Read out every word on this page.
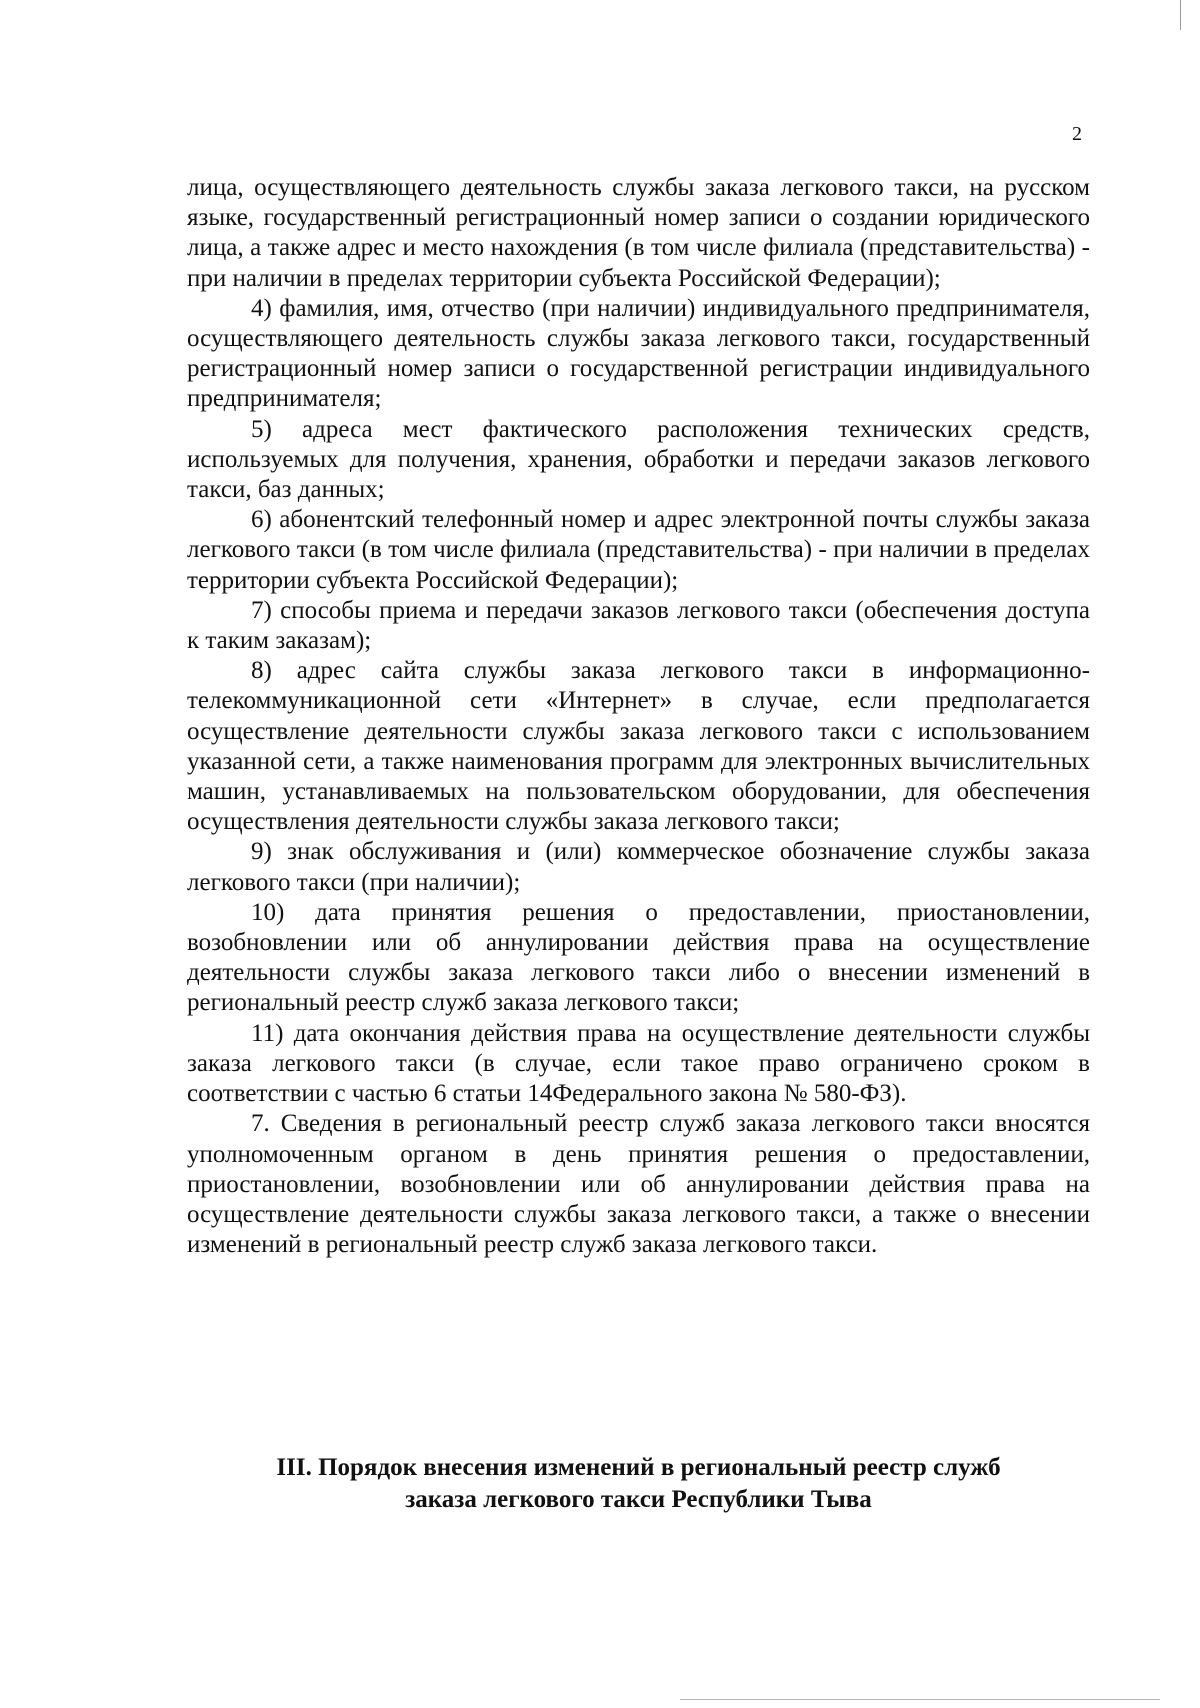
2

лица, осуществляющего деятельность службы заказа легкового такси, на русском языке, государственный регистрационный номер записи о создании юридического лица, а также адрес и место нахождения (в том числе филиала (представительства) - при наличии в пределах территории субъекта Российской Федерации);

4) фамилия, имя, отчество (при наличии) индивидуального предпринимателя, осуществляющего деятельность службы заказа легкового такси, государственный регистрационный номер записи о государственной регистрации индивидуального предпринимателя;

5) адреса мест фактического расположения технических средств, используемых для получения, хранения, обработки и передачи заказов легкового такси, баз данных;

6) абонентский телефонный номер и адрес электронной почты службы заказа легкового такси (в том числе филиала (представительства) - при наличии в пределах территории субъекта Российской Федерации);

7) способы приема и передачи заказов легкового такси (обеспечения доступа к таким заказам);

8) адрес сайта службы заказа легкового такси в информационно-телекоммуникационной сети «Интернет» в случае, если предполагается осуществление деятельности службы заказа легкового такси с использованием указанной сети, а также наименования программ для электронных вычислительных машин, устанавливаемых на пользовательском оборудовании, для обеспечения осуществления деятельности службы заказа легкового такси;

9) знак обслуживания и (или) коммерческое обозначение службы заказа легкового такси (при наличии);

10) дата принятия решения о предоставлении, приостановлении, возобновлении или об аннулировании действия права на осуществление деятельности службы заказа легкового такси либо о внесении изменений в региональный реестр служб заказа легкового такси;

11) дата окончания действия права на осуществление деятельности службы заказа легкового такси (в случае, если такое право ограничено сроком в соответствии с частью 6 статьи 14Федерального закона № 580-ФЗ).

7. Сведения в региональный реестр служб заказа легкового такси вносятся уполномоченным органом в день принятия решения о предоставлении, приостановлении, возобновлении или об аннулировании действия права на осуществление деятельности службы заказа легкового такси, а также о внесении изменений в региональный реестр служб заказа легкового такси.

III. Порядок внесения изменений в региональный реестр служб
заказа легкового такси Республики Тыва
